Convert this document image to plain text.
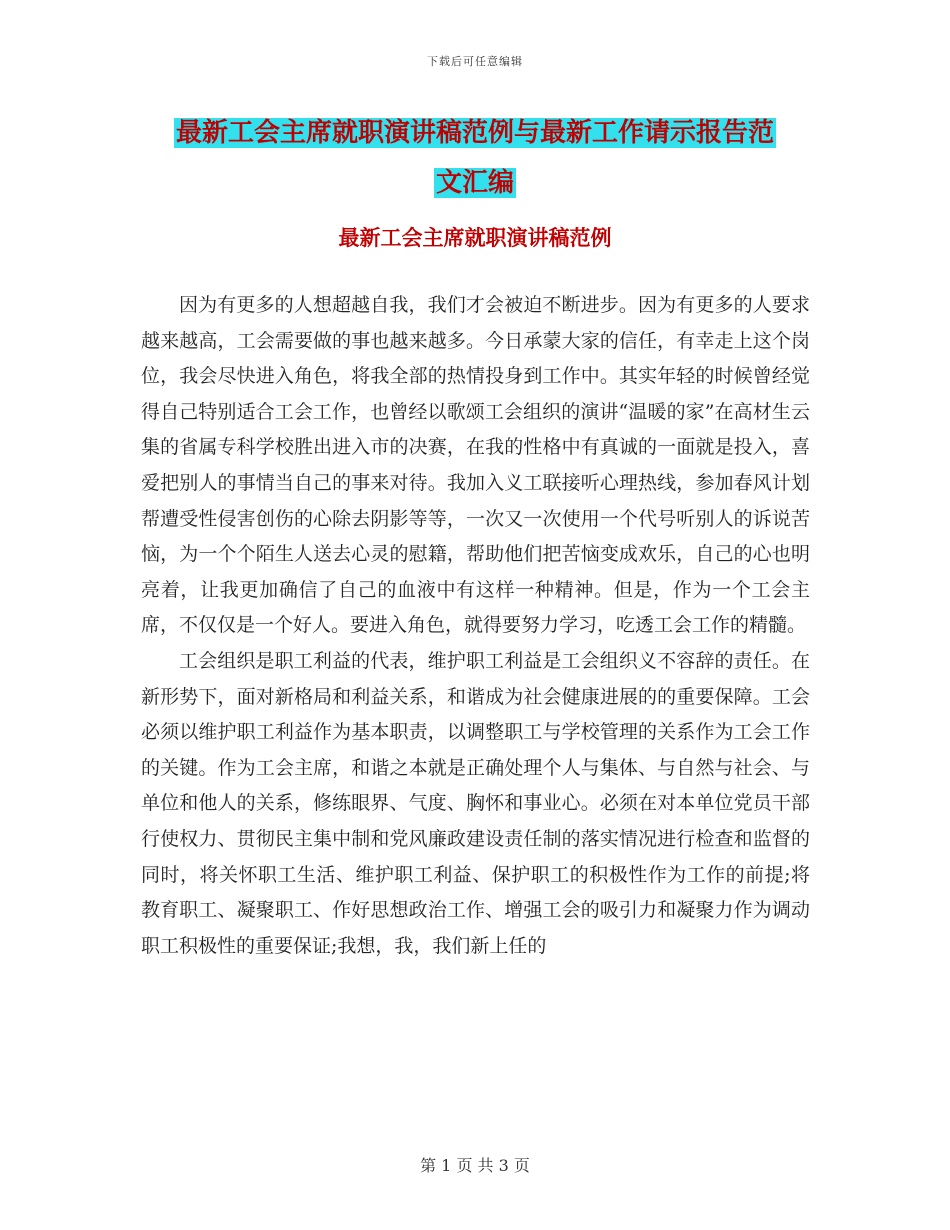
下载后可任意编辑
最新工会主席就职演讲稿范例与最新工作请示报告范
文汇编
最新工会主席就职演讲稿范例

因为有更多的人想超越自我，我们才会被迫不断进步。因为有更多的人要求越来越高，工会需要做的事也越来越多。今日承蒙大家的信任，有幸走上这个岗位，我会尽快进入角色，将我全部的热情投身到工作中。其实年轻的时候曾经觉得自己特别适合工会工作，也曾经以歌颂工会组织的演讲“温暖的家”在高材生云集的省属专科学校胜出进入市的决赛，在我的性格中有真诚的一面就是投入，喜爱把别人的事情当自己的事来对待。我加入义工联接听心理热线，参加春风计划帮遭受性侵害创伤的心除去阴影等等，一次又一次使用一个代号听别人的诉说苦恼，为一个个陌生人送去心灵的慰籍，帮助他们把苦恼变成欢乐，自己的心也明亮着，让我更加确信了自己的血液中有这样一种精神。但是，作为一个工会主席，不仅仅是一个好人。要进入角色，就得要努力学习，吃透工会工作的精髓。

工会组织是职工利益的代表，维护职工利益是工会组织义不容辞的责任。在新形势下，面对新格局和利益关系，和谐成为社会健康进展的的重要保障。工会必须以维护职工利益作为基本职责，以调整职工与学校管理的关系作为工会工作的关键。作为工会主席，和谐之本就是正确处理个人与集体、与自然与社会、与单位和他人的关系，修练眼界、气度、胸怀和事业心。必须在对本单位党员干部行使权力、贯彻民主集中制和党风廉政建设责任制的落实情况进行检查和监督的同时，将关怀职工生活、维护职工利益、保护职工的积极性作为工作的前提;将教育职工、凝聚职工、作好思想政治工作、增强工会的吸引力和凝聚力作为调动职工积极性的重要保证;我想，我，我们新上任的

第 1 页 共 3 页
